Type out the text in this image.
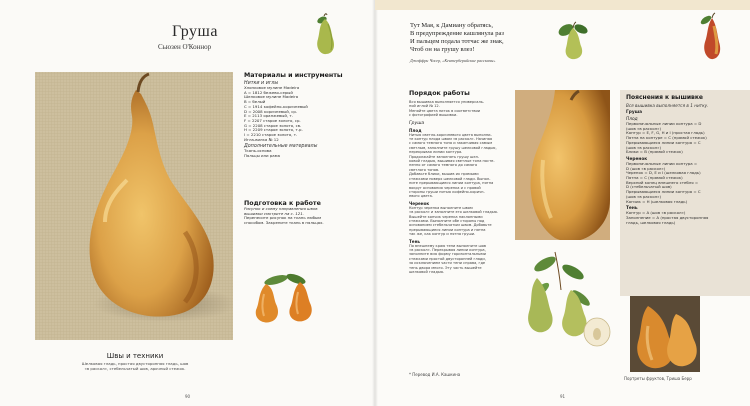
Груша
Сьюзен О'Коннор
Материалы и инструменты
Нитки и иглы
Хлопковое мулине Madeira
A = 1812 бежево-серый
Шелковое мулине Madeira
B = белый
C = 1914 кофейно-коричневый
D = 2008 коричневый, ср.
E = 2113 оранжевый, т.
F = 2207 старое золото, ср.
G = 2208 старое золото, св.
H = 2209 старое золото, т.р.
I = 2210 старое золото, т.
Игла-вилка № 12
Дополнительные материалы
Ткань-основа
Пяльцы или рама
Подготовка к работе
Рисунок и схему направления швов
вышивки смотрите на с. 121.
Перенесите рисунок на ткань любым
способом. Закрепите ткань в пяльцах.
Швы и техники
Шелковая гладь, простая двусторонняя гладь, шов
«в раскол», стебельчатый шов, арочный стежок.
90
Тут Мая, к Дамиану обратясь,
В предупреждение кашлянула раз
И пальцем подала тотчас же знак,
Чтоб он на грушу влез!
Джеффри Чосер, «Кентерберийские рассказы»
Порядок работы
Вся вышивка выполняется универсаль-
ной иглой № 12.
Меняйте цвета ниток в соответствии
с фотографией вышивки.
Груша
Плод
Нитью светло-коричневого цвета выполни-
те контур плода швом «в раскол». Начиная
с самого темного тона и заканчивая самым
светлым, заполните грушу шелковой гладью,
перекрывая линии контура.
Продолжайте заполнять грушу шел-
ковой гладью, вышивая светлые тона посте-
пенно от самого темного до самого
светлого тонов.
Добавьте блики, вышив их прямыми
стежками поверх шелковой глади. Выпол-
ните прерывающиеся линии контура, пятна
вокруг основания черенка и с правой
стороны груши нитью кофейно-коричн-
евого цвета.
Черенок
Контур черенка выполните швом
«в раскол» и заполните его шелковой гладью.
Вышейте кончик черенка наклонными
стежками. Выполните обе стороны под
основанием стебельчатым швом. Добавьте
прерывающиеся линии контура и пятна
так же, как контур и пятна груши.
Тень
По внешнему краю тени выполните шов
«в раскол». Перекрывая линии контура,
заполните всю форму горизонтальными
стежками простой двусторонней глади,
за исключением части тени справа, где
тень двора много. Эту часть вышейте
шелковой гладью.
Пояснения к вышивке
Вся вышивка выполняется в 1 нитку.
Груша
Плод
Первоначальные линии контура = D
(шов «в раскол»)
Контур = E, F, G, H и I (простая гладь)
Пятна на контуре = C (прямой стежок)
Прерывающиеся линии контура = C
(шов «в раскол»)
Блики = B (прямой стежок)
Черенок
Первоначальные линии контура =
D (шов «в раскол»)
Черенок = D, E и I (шелковая гладь)
Пятна = C (прямой стежок)
Верхний конец внешнего стебля =
D (стебельчатый шов)
Прерывающиеся линии контура = C
(шов «в раскол»)
Кончик = H (шелковая гладь)
Тень
Контур = A (шов «в раскол»)
Заполнение = A (простая двусторонняя
гладь, шелковая гладь)
Портреты фруктов, Триша Берр
* Перевод И.А. Кашкина
91
